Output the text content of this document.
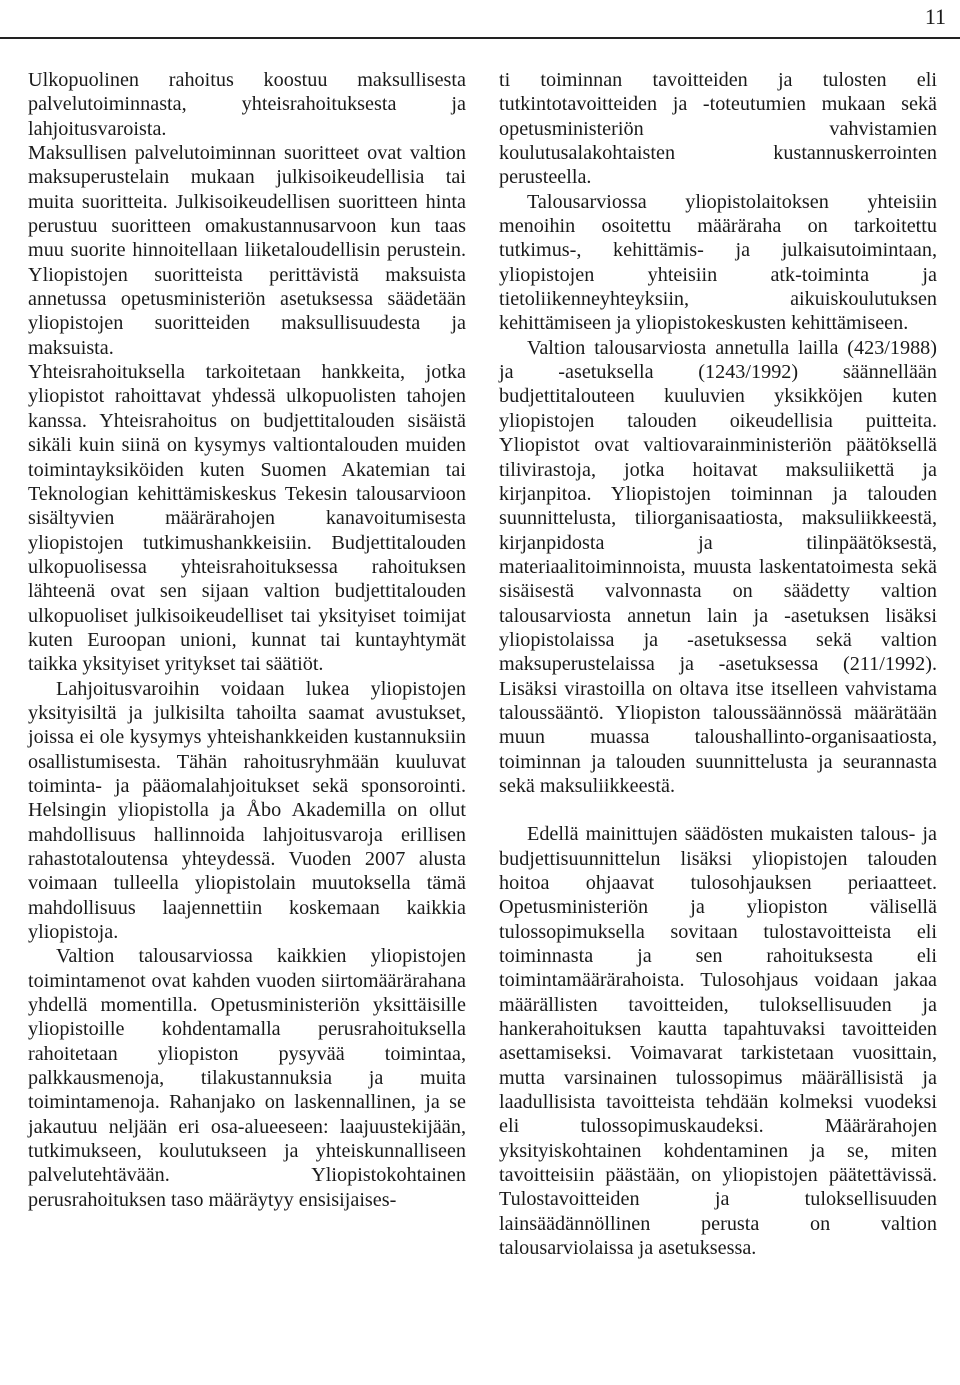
11

Ulkopuolinen rahoitus koostuu maksullisesta palvelutoiminnasta, yhteisrahoituksesta ja lahjoitusvaroista.

Maksullisen palvelutoiminnan suoritteet ovat valtion maksuperustelain mukaan julkisoikeudellisia tai muita suoritteita. Julkisoikeudellisen suoritteen hinta perustuu suoritteen omakustannusarvoon kun taas muu suorite hinnoitellaan liiketaloudellisin perustein. Yliopistojen suoritteista perittävistä maksuista annetussa opetusministeriön asetuksessa säädetään yliopistojen suoritteiden maksullisuudesta ja maksuista.

Yhteisrahoituksella tarkoitetaan hankkeita, jotka yliopistot rahoittavat yhdessä ulkopuolisten tahojen kanssa. Yhteisrahoitus on budjettitalouden sisäistä sikäli kuin siinä on kysymys valtiontalouden muiden toimintayksiköiden kuten Suomen Akatemian tai Teknologian kehittämiskeskus Tekesin talousarvioon sisältyvien määrärahojen kanavoitumisesta yliopistojen tutkimushankkeisiin. Budjettitalouden ulkopuolisessa yhteisrahoituksessa rahoituksen lähteenä ovat sen sijaan valtion budjettitalouden ulkopuoliset julkisoikeudelliset tai yksityiset toimijat kuten Euroopan unioni, kunnat tai kuntayhtymät taikka yksityiset yritykset tai säätiöt.

Lahjoitusvaroihin voidaan lukea yliopistojen yksityisiltä ja julkisilta tahoilta saamat avustukset, joissa ei ole kysymys yhteishankkeiden kustannuksiin osallistumisesta. Tähän rahoitusryhmään kuuluvat toiminta- ja pääomalahjoitukset sekä sponsorointi. Helsingin yliopistolla ja Åbo Akademilla on ollut mahdollisuus hallinnoida lahjoitusvaroja erillisen rahastotaloutensa yhteydessä. Vuoden 2007 alusta voimaan tulleella yliopistolain muutoksella tämä mahdollisuus laajennettiin koskemaan kaikkia yliopistoja.

Valtion talousarviossa kaikkien yliopistojen toimintamenot ovat kahden vuoden siirtomäärärahana yhdellä momentilla. Opetusministeriön yksittäisille yliopistoille kohdentamalla perusrahoituksella rahoitetaan yliopiston pysyvää toimintaa, palkkausmenoja, tilakustannuksia ja muita toimintamenoja. Rahanjako on laskennallinen, ja se jakautuu neljään eri osa-alueeseen: laajuustekijään, tutkimukseen, koulutukseen ja yhteiskunnalliseen palvelutehtävään. Yliopistokohtainen perusrahoituksen taso määräytyy ensisijaises-

ti toiminnan tavoitteiden ja tulosten eli tutkintotavoitteiden ja -toteutumien mukaan sekä opetusministeriön vahvistamien koulutusalakohtaisten kustannuskerrointen perusteella.

Talousarviossa yliopistolaitoksen yhteisiin menoihin osoitettu määräraha on tarkoitettu tutkimus-, kehittämis- ja julkaisutoimintaan, yliopistojen yhteisiin atk-toiminta ja tietoliikenneyhteyksiin, aikuiskoulutuksen kehittämiseen ja yliopistokeskusten kehittämiseen.

Valtion talousarviosta annetulla lailla (423/1988) ja -asetuksella (1243/1992) säännellään budjettitalouteen kuuluvien yksikköjen kuten yliopistojen talouden oikeudellisia puitteita. Yliopistot ovat valtiovarainministeriön päätöksellä tilivirastoja, jotka hoitavat maksuliikettä ja kirjanpitoa. Yliopistojen toiminnan ja talouden suunnittelusta, tiliorganisaatiosta, maksuliikkeestä, kirjanpidosta ja tilinpäätöksestä, materiaalitoiminnoista, muusta laskentatoimesta sekä sisäisestä valvonnasta on säädetty valtion talousarviosta annetun lain ja -asetuksen lisäksi yliopistolaissa ja -asetuksessa sekä valtion maksuperustelaissa ja -asetuksessa (211/1992). Lisäksi virastoilla on oltava itse itselleen vahvistama taloussääntö. Yliopiston taloussäännössä määrätään muun muassa taloushallinto-organisaatiosta, toiminnan ja talouden suunnittelusta ja seurannasta sekä maksuliikkeestä.

Edellä mainittujen säädösten mukaisten talous- ja budjettisuunnittelun lisäksi yliopistojen talouden hoitoa ohjaavat tulosohjauksen periaatteet. Opetusministeriön ja yliopiston välisellä tulossopimuksella sovitaan tulostavoitteista eli toiminnasta ja sen rahoituksesta eli toimintamäärärahoista. Tulosohjaus voidaan jakaa määrällisten tavoitteiden, tuloksellisuuden ja hankerahoituksen kautta tapahtuvaksi tavoitteiden asettamiseksi. Voimavarat tarkistetaan vuosittain, mutta varsinainen tulossopimus määrällisistä ja laadullisista tavoitteista tehdään kolmeksi vuodeksi eli tulossopimuskaudeksi. Määrärahojen yksityiskohtainen kohdentaminen ja se, miten tavoitteisiin päästään, on yliopistojen päätettävissä. Tulostavoitteiden ja tuloksellisuuden lainsäädännöllinen perusta on valtion talousarviolaissa ja asetuksessa.
